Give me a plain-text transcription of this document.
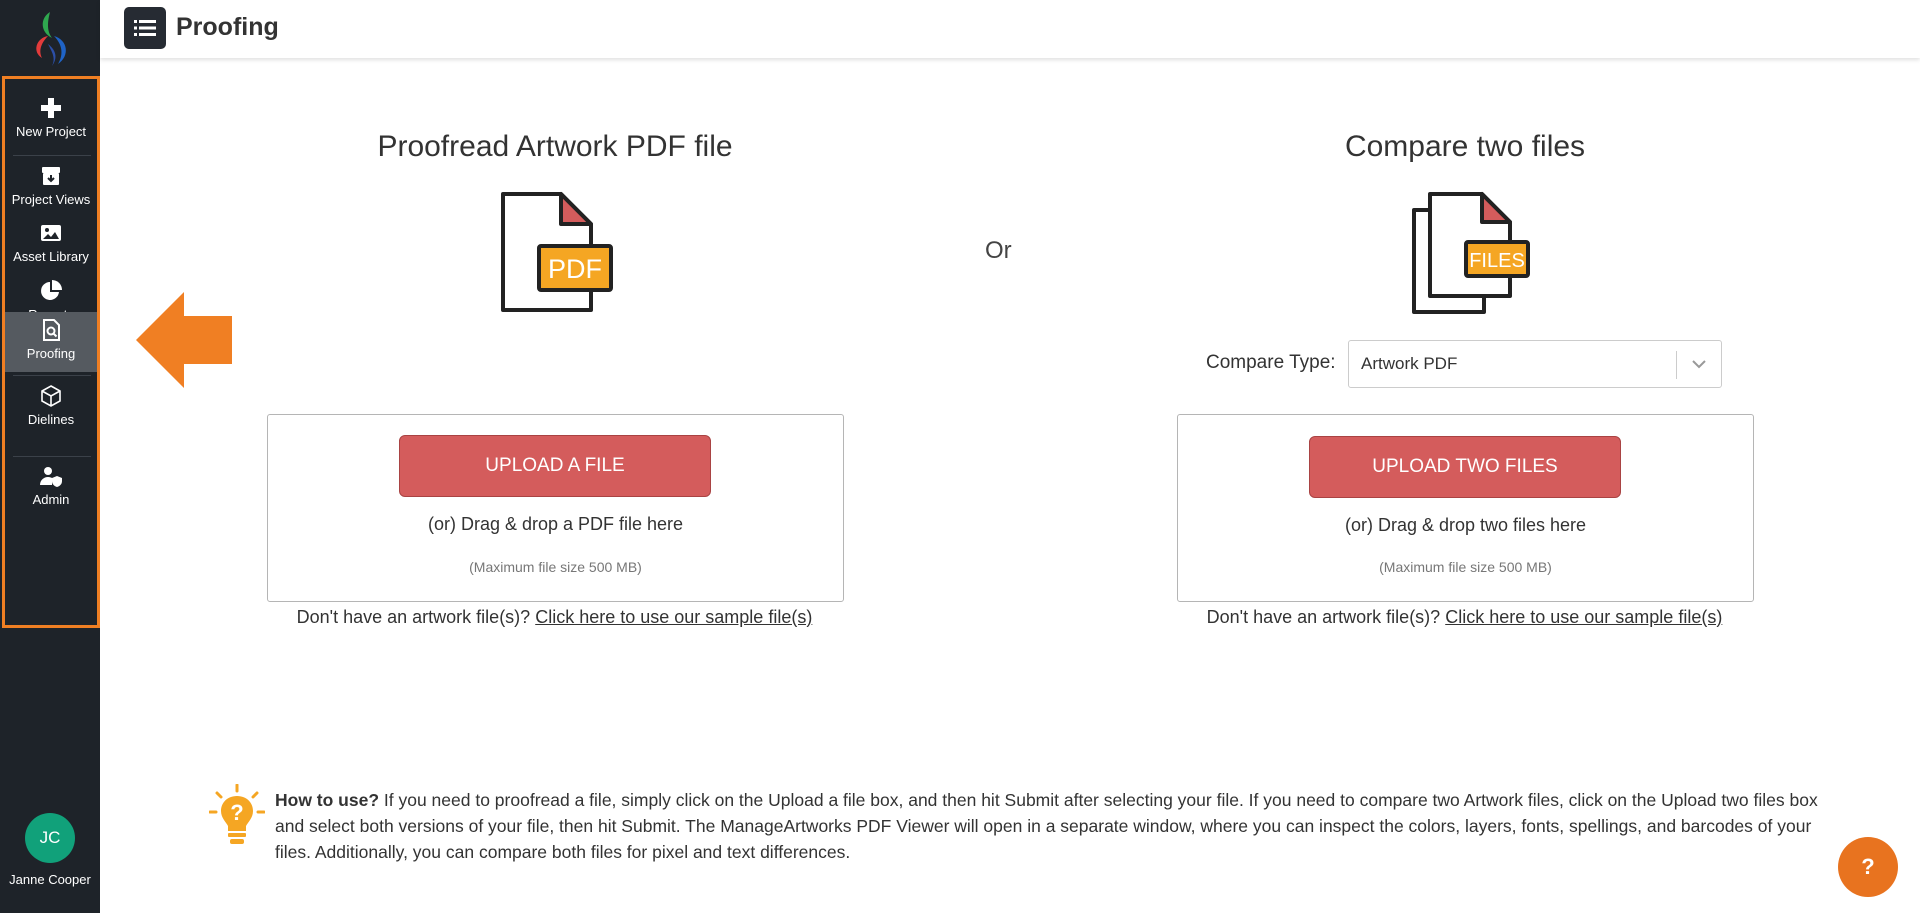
New Project
Project Views
Asset Library
Proofing
Dielines
Admin
JC
Janne Cooper
Proofing
Proofread Artwork PDF file
PDF
UPLOAD A FILE
(or) Drag & drop a PDF file here
(Maximum file size 500 MB)
Don't have an artwork file(s)? Click here to use our sample file(s)
Or
Compare two files
FILES
Compare Type: Artwork PDF
UPLOAD TWO FILES
(or) Drag & drop two files here
(Maximum file size 500 MB)
Don't have an artwork file(s)? Click here to use our sample file(s)
? How to use? If you need to proofread a file, simply click on the Upload a file box, and then hit Submit after selecting your file. If you need to compare two Artwork files, click on the Upload two files box and select both versions of your file, then hit Submit. The ManageArtworks PDF Viewer will open in a separate window, where you can inspect the colors, layers, fonts, spellings, and barcodes of your files. Additionally, you can compare both files for pixel and text differences.
?
